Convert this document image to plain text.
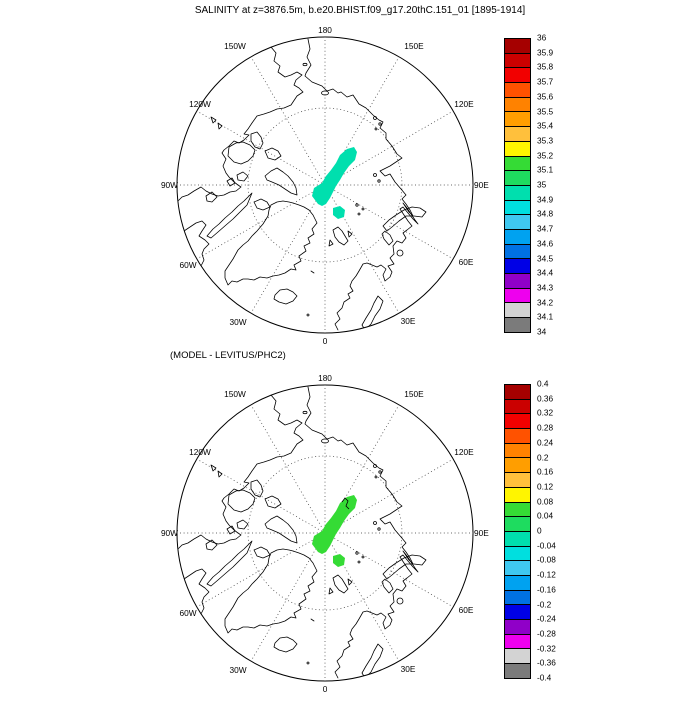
SALINITY at z=3876.5m, b.e20.BHIST.f09_g17.20thC.151_01 [1895-1914]
180
150W	150E
120W	120E
90W	90E
60W	60E
30W	30E
0
(MODEL - LEVITUS/PHC2)
180
150W	150E
120W	120E
90W	90E
60W	60E
30W	30E
0
36
35.9
35.8
35.7
35.6
35.5
35.4
35.3
35.2
35.1
35
34.9
34.8
34.7
34.6
34.5
34.4
34.3
34.2
34.1
34
0.4
0.36
0.32
0.28
0.24
0.2
0.16
0.12
0.08
0.04
0
-0.04
-0.08
-0.12
-0.16
-0.2
-0.24
-0.28
-0.32
-0.36
-0.4
